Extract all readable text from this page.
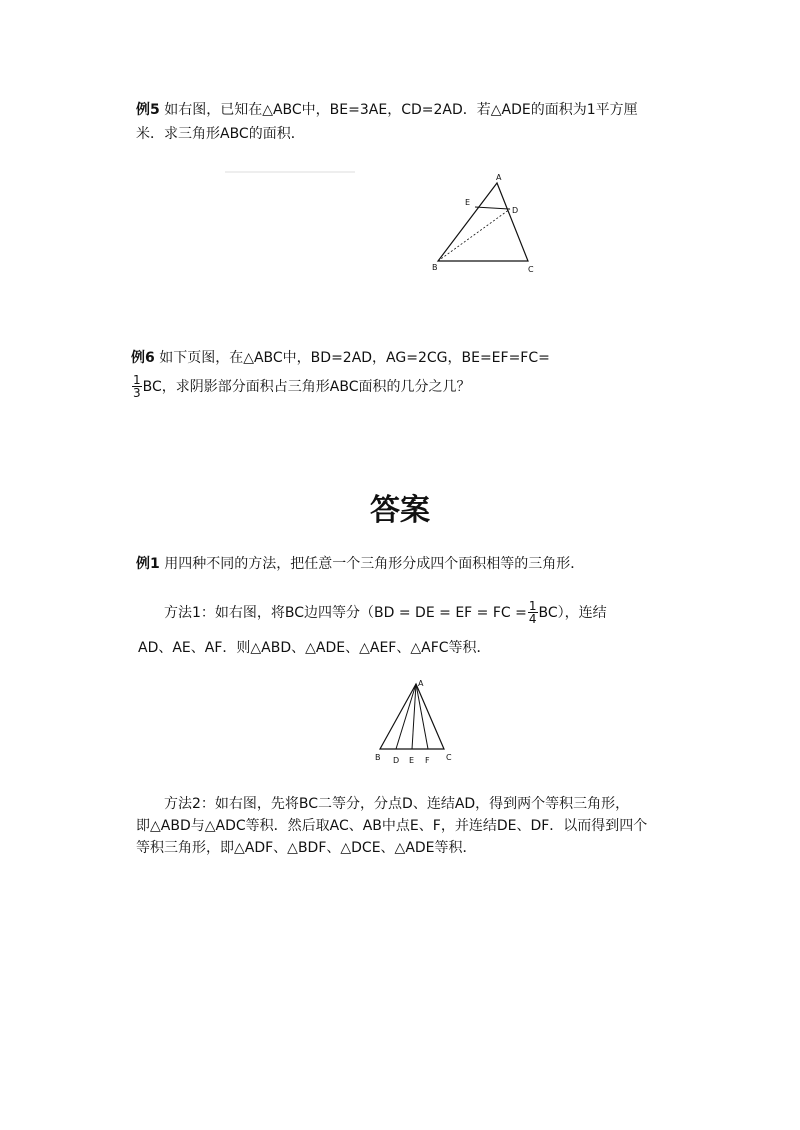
例5 如右图，已知在△ABC中，BE=3AE，CD=2AD．若△ADE的面积为1平方厘
米．求三角形ABC的面积．
A
E
D
B	C
例6 如下页图，在△ABC中，BD=2AD，AG=2CG，BE=EF=FC=
$\frac{1}{3}$ BC，求阴影部分面积占三角形ABC面积的几分之几？
答案
例1 用四种不同的方法，把任意一个三角形分成四个面积相等的三角形．
方法1：如右图，将BC边四等分（BD = DE = EF = FC = $\frac{1}{4} BC$），连结
AD、AE、AF．则△ABD、△ADE、△AEF、△AFC等积．
A
B D E F C
方法2：如右图，先将BC二等分，分点D、连结AD，得到两个等积三角形，
即△ABD与△ADC等积．然后取AC、AB中点E、F，并连结DE、DF．以而得到四个
等积三角形，即△ADF、△BDF、△DCE、△ADE等积．
